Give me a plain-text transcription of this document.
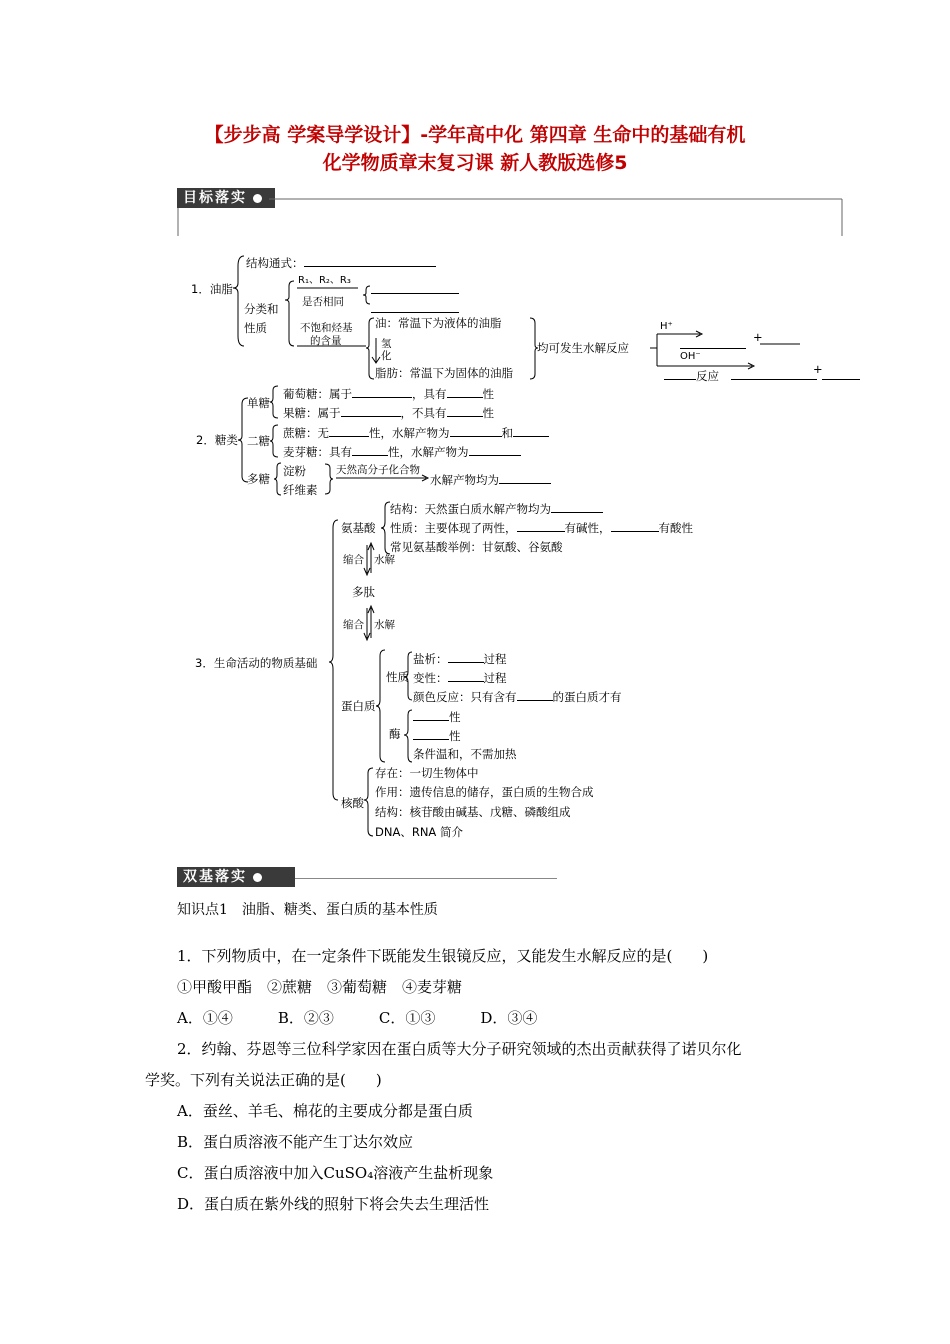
【步步高 学案导学设计】-学年高中化 第四章 生命中的基础有机
化学物质章末复习课 新人教版选修5
目标落实
1．油脂
结构通式：
分类和
性质
R₁、R₂、R₃
是否相同
不饱和烃基
的含量
油：常温下为液体的油脂
氢
化
脂肪：常温下为固体的油脂
均可发生水解反应
H⁺
+
OH⁻
反应	+
2．糖类
单糖
二糖
多糖
葡萄糖：属于	，具有	性
果糖：属于	，不具有	性
蔗糖：无	性，水解产物为	和
麦芽糖：具有	性，水解产物为
淀粉
纤维素
天然高分子化合物
水解产物均为
3．生命活动的物质基础
氨基酸
结构：天然蛋白质水解产物均为
性质：主要体现了两性，	有碱性，	有酸性
常见氨基酸举例：甘氨酸、谷氨酸
缩合 水解
多肽
缩合 水解
蛋白质
性质
盐析：	过程
变性：	过程
颜色反应：只有含有	的蛋白质才有
酶
性
性
条件温和，不需加热
核酸
存在：一切生物体中
作用：遗传信息的储存，蛋白质的生物合成
结构：核苷酸由碱基、戊糖、磷酸组成
DNA、RNA 简介
双基落实
知识点1　油脂、糖类、蛋白质的基本性质
1．下列物质中，在一定条件下既能发生银镜反应，又能发生水解反应的是(　　)
①甲酸甲酯　②蔗糖　③葡萄糖　④麦芽糖
A．①④　　　B．②③　　　C．①③　　　D．③④
2．约翰、芬恩等三位科学家因在蛋白质等大分子研究领域的杰出贡献获得了诺贝尔化
学奖。下列有关说法正确的是(　　)
A．蚕丝、羊毛、棉花的主要成分都是蛋白质
B．蛋白质溶液不能产生丁达尔效应
C．蛋白质溶液中加入CuSO₄溶液产生盐析现象
D．蛋白质在紫外线的照射下将会失去生理活性
